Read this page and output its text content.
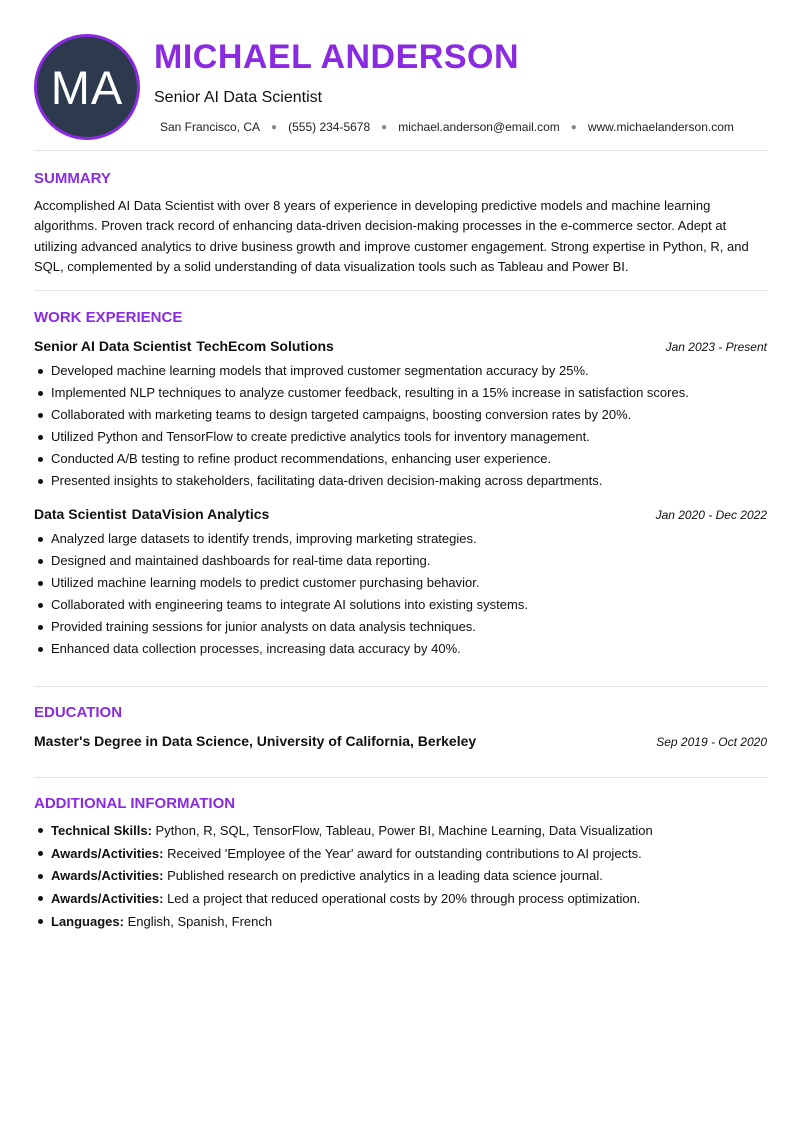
MA
MICHAEL ANDERSON
Senior AI Data Scientist
San Francisco, CA ● (555) 234-5678 ● michael.anderson@email.com ● www.michaelanderson.com
SUMMARY
Accomplished AI Data Scientist with over 8 years of experience in developing predictive models and machine learning algorithms. Proven track record of enhancing data-driven decision-making processes in the e-commerce sector. Adept at utilizing advanced analytics to drive business growth and improve customer engagement. Strong expertise in Python, R, and SQL, complemented by a solid understanding of data visualization tools such as Tableau and Power BI.
WORK EXPERIENCE
Senior AI Data Scientist TechEcom Solutions	Jan 2023 - Present
Developed machine learning models that improved customer segmentation accuracy by 25%.
Implemented NLP techniques to analyze customer feedback, resulting in a 15% increase in satisfaction scores.
Collaborated with marketing teams to design targeted campaigns, boosting conversion rates by 20%.
Utilized Python and TensorFlow to create predictive analytics tools for inventory management.
Conducted A/B testing to refine product recommendations, enhancing user experience.
Presented insights to stakeholders, facilitating data-driven decision-making across departments.
Data Scientist DataVision Analytics	Jan 2020 - Dec 2022
Analyzed large datasets to identify trends, improving marketing strategies.
Designed and maintained dashboards for real-time data reporting.
Utilized machine learning models to predict customer purchasing behavior.
Collaborated with engineering teams to integrate AI solutions into existing systems.
Provided training sessions for junior analysts on data analysis techniques.
Enhanced data collection processes, increasing data accuracy by 40%.
EDUCATION
Master's Degree in Data Science, University of California, Berkeley	Sep 2019 - Oct 2020
ADDITIONAL INFORMATION
Technical Skills: Python, R, SQL, TensorFlow, Tableau, Power BI, Machine Learning, Data Visualization
Awards/Activities: Received 'Employee of the Year' award for outstanding contributions to AI projects.
Awards/Activities: Published research on predictive analytics in a leading data science journal.
Awards/Activities: Led a project that reduced operational costs by 20% through process optimization.
Languages: English, Spanish, French
